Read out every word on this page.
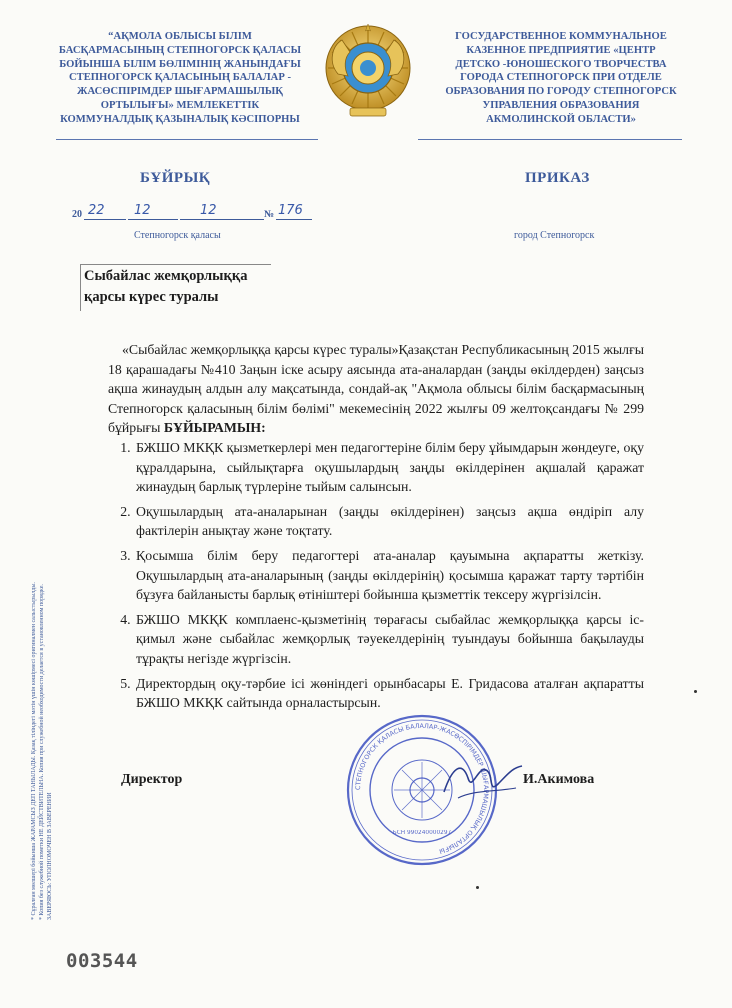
“АҚМОЛА ОБЛЫСЫ БІЛІМ
БАСҚАРМАСЫНЫҢ СТЕПНОГОРСК ҚАЛАСЫ
БОЙЫНША БІЛІМ БӨЛІМІНІҢ ЖАНЫНДАҒЫ
СТЕПНОГОРСК ҚАЛАСЫНЫҢ БАЛАЛАР -
ЖАСӨСПІРІМДЕР ШЫҒАРМАШЫЛЫҚ
ОРТЫЛЫҒЫ» МЕМЛЕКЕТТІК
КОММУНАЛДЫҚ ҚАЗЫНАЛЫҚ КӘСІПОРНЫ
ГОСУДАРСТВЕННОЕ КОММУНАЛЬНОЕ
КАЗЕННОЕ ПРЕДПРИЯТИЕ «ЦЕНТР
ДЕТСКО -ЮНОШЕСКОГО ТВОРЧЕСТВА
ГОРОДА СТЕПНОГОРСК ПРИ ОТДЕЛЕ
ОБРАЗОВАНИЯ ПО ГОРОДУ СТЕПНОГОРСК
УПРАВЛЕНИЯ ОБРАЗОВАНИЯ
АКМОЛИНСКОЙ ОБЛАСТИ»
БҰЙРЫҚ	ПРИКАЗ
20 22 12	12	№ 176
Степногорск қаласы	город Степногорск
Сыбайлас жемқорлыққа
қарсы күрес туралы

«Сыбайлас жемқорлыққа қарсы күрес туралы»Қазақстан Республикасының 2015 жылғы 18 қарашадағы №410 Заңын іске асыру аясында ата-аналардан (заңды өкілдерден) заңсыз ақша жинаудың алдын алу мақсатында, сондай-ақ "Ақмола облысы білім басқармасының Степногорск қаласының білім бөлімі" мекемесінің 2022 жылғы 09 желтоқсандағы № 299 бұйрығы БҰЙЫРАМЫН:

1. БЖШО МКҚК қызметкерлері мен педагогтеріне білім беру ұйымдарын жөндеуге, оқу құралдарына, сыйлықтарға оқушылардың заңды өкілдерінен ақшалай қаражат жинаудың барлық түрлеріне тыйым салынсын.
2. Оқушылардың ата-аналарынан (заңды өкілдерінен) заңсыз ақша өндіріп алу фактілерін анықтау және тоқтату.
3. Қосымша білім беру педагогтері ата-аналар қауымына ақпаратты жеткізу. Оқушылардың ата-аналарының (заңды өкілдерінің) қосымша қаражат тарту тәртібін бұзуға байланысты барлық өтініштері бойынша қызметтік тексеру жүргізілсін.
4. БЖШО МКҚК комплаенс-қызметінің төрағасы сыбайлас жемқорлыққа қарсы іс-қимыл және сыбайлас жемқорлық тәуекелдерінің туындауы бойынша бақылауды тұрақты негізде жүргізсін.
5. Директордың оқу-тәрбие ісі жөніндегі орынбасары Е. Гридасова аталған ақпаратты БЖШО МКҚК сайтында орналастырсын.
СТЕПНОГОРСК ҚАЛАСЫ БАЛАЛАР-ЖАСӨСПІРІМДЕР ШЫҒАРМАШЫЛЫҚ ОРТАЛЫҒЫ
БСН 990240000297
Директор	И.Акимова
* Сұралған мөлшері бойынша ЖАРАМСЫЗ ДЕП ТАНЫЛАДЫ. Қазақ тіліндегі мәтін үшін көшірмесі оригиналмен салыстырылды. * Копия без служебной пометки НЕ ДЕЙСТВИТЕЛЬНА. Копия при служебной необходимости делается в установленном порядке. ЗАВЕРЯЮСЬ: УПОЛНОМОЧЕН В ЗАВЕРЕНИИ
003544
